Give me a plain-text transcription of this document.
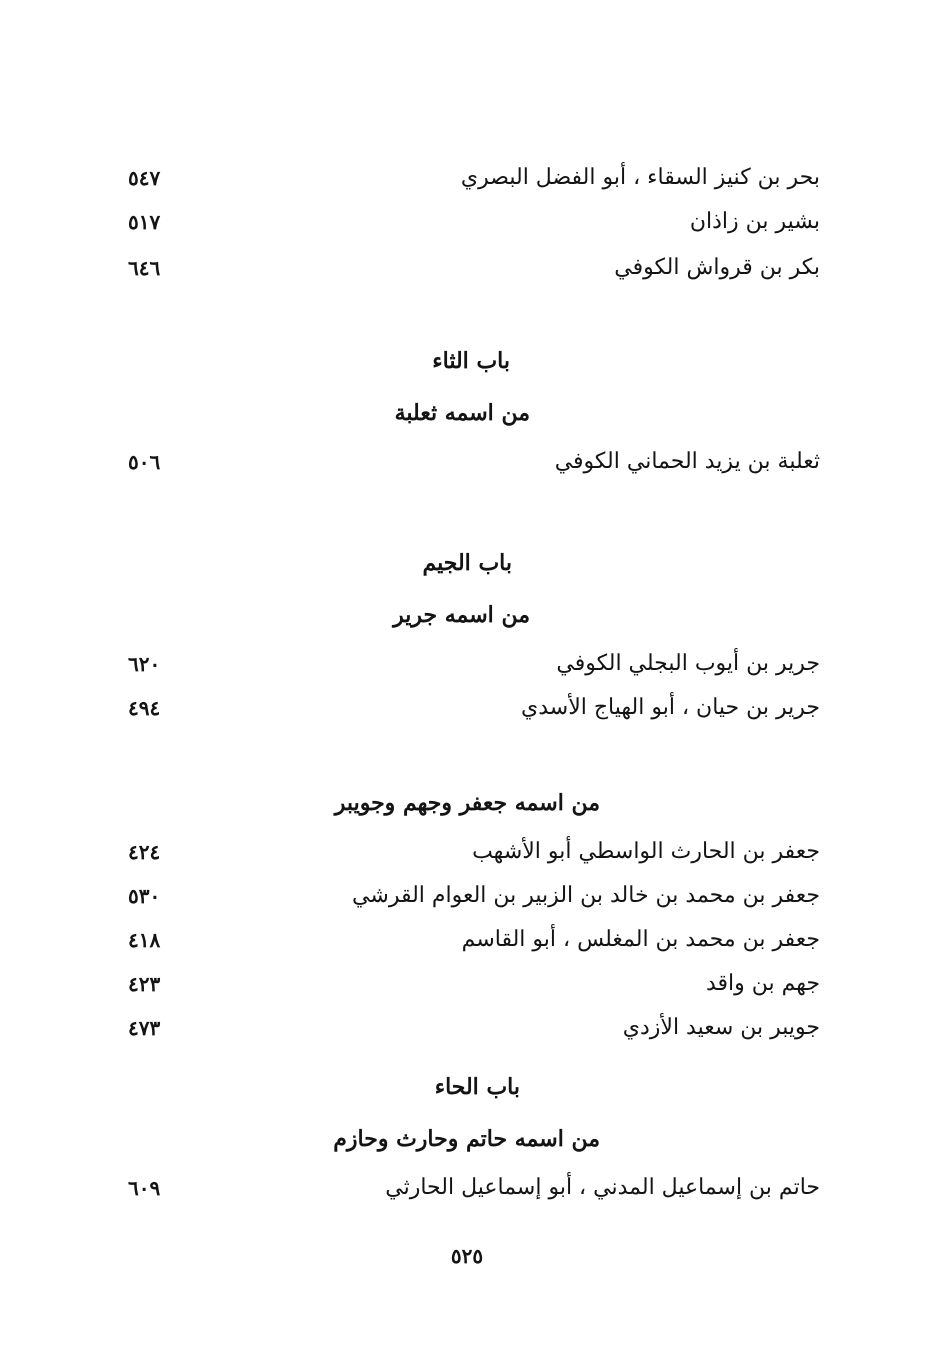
بحر بن كنيز السقاء ، أبو الفضل البصري
٥٤٧
بشير بن زاذان
٥١٧
بكر بن قرواش الكوفي
٦٤٦
باب الثاء
من اسمه ثعلبة
ثعلبة بن يزيد الحماني الكوفي
٥٠٦
باب الجيم
من اسمه جرير
جرير بن أيوب البجلي الكوفي
٦٢٠
جرير بن حيان ، أبو الهياج الأسدي
٤٩٤
من اسمه جعفر وجهم وجويبر
جعفر بن الحارث الواسطي أبو الأشهب
٤٢٤
جعفر بن محمد بن خالد بن الزبير بن العوام القرشي
٥٣٠
جعفر بن محمد بن المغلس ، أبو القاسم
٤١٨
جهم بن واقد
٤٢٣
جويبر بن سعيد الأزدي
٤٧٣
باب الحاء
من اسمه حاتم وحارث وحازم
حاتم بن إسماعيل المدني ، أبو إسماعيل الحارثي
٦٠٩
٥٢٥
